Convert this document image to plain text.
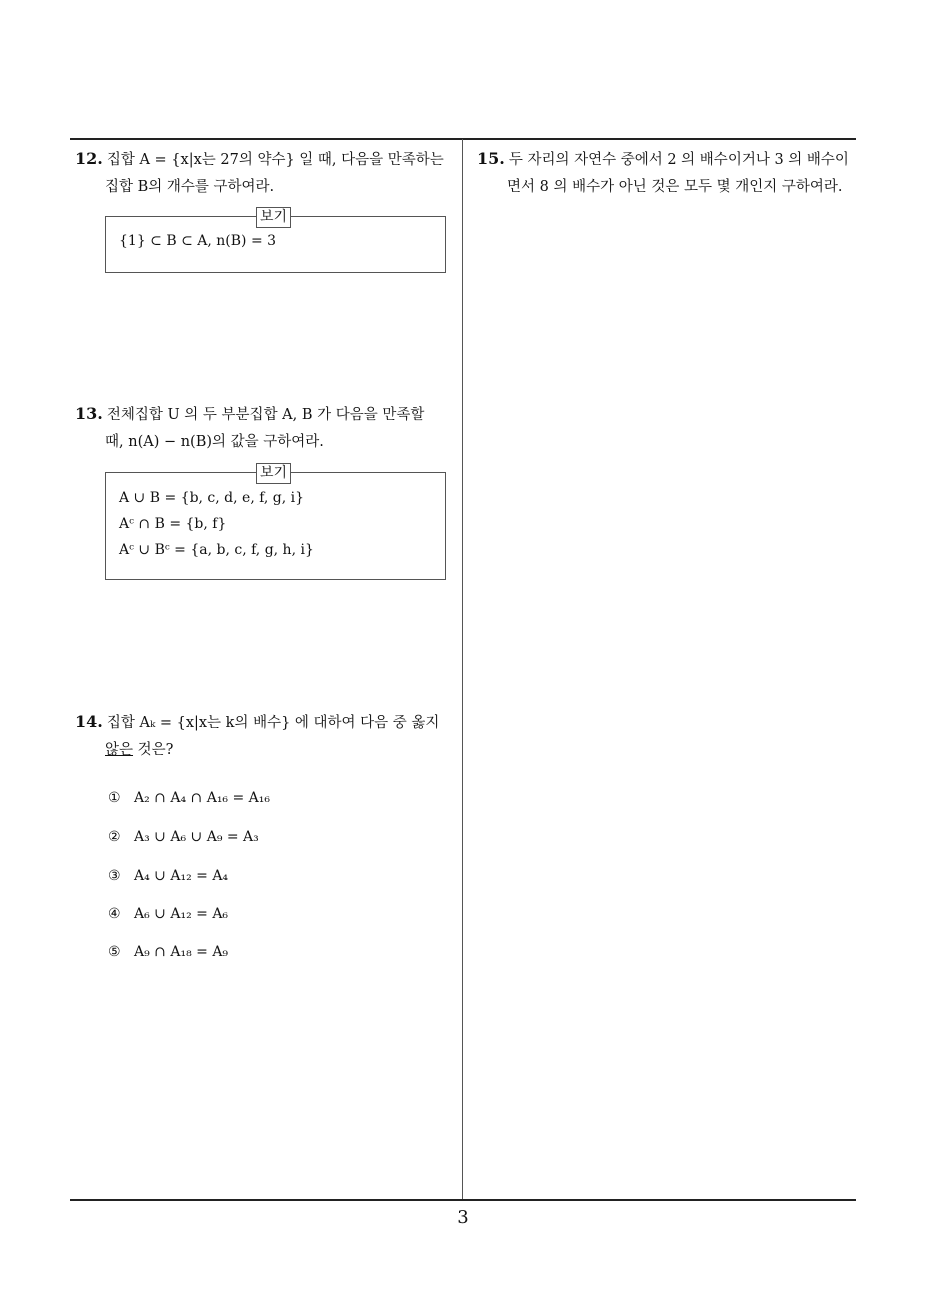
12. 집합 A = {x|x는 27의 약수} 일 때, 다음을 만족하는
집합 B의 개수를 구하여라.
보기
{1} ⊂ B ⊂ A, n(B) = 3
13. 전체집합 U 의 두 부분집합 A, B 가 다음을 만족할
때, n(A) − n(B)의 값을 구하여라.
보기
A ∪ B = {b, c, d, e, f, g, i}
Aᶜ ∩ B = {b, f}
Aᶜ ∪ Bᶜ = {a, b, c, f, g, h, i}
14. 집합 Aₖ = {x|x는 k의 배수} 에 대하여 다음 중 옳지
않은 것은?
① A₂ ∩ A₄ ∩ A₁₆ = A₁₆
② A₃ ∪ A₆ ∪ A₉ = A₃
③ A₄ ∪ A₁₂ = A₄
④ A₆ ∪ A₁₂ = A₆
⑤ A₉ ∩ A₁₈ = A₉
15. 두 자리의 자연수 중에서 2 의 배수이거나 3 의 배수이
면서 8 의 배수가 아닌 것은 모두 몇 개인지 구하여라.
3
